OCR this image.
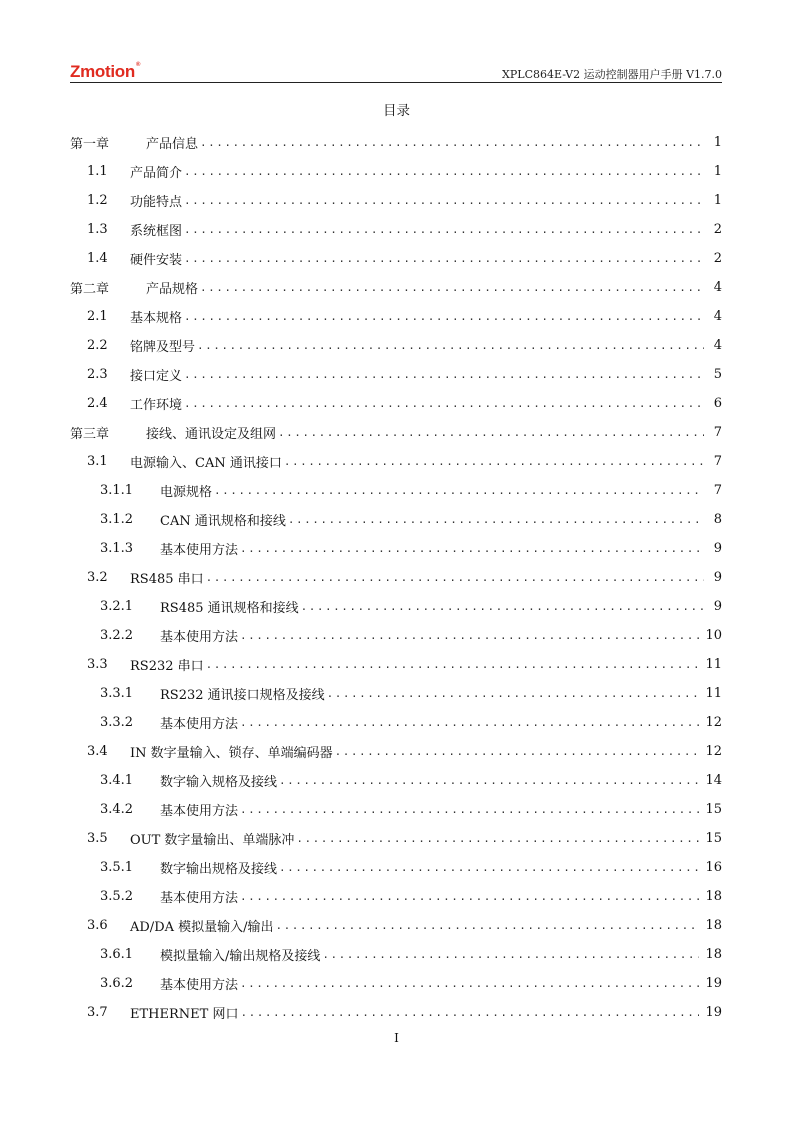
Zmotion®
XPLC864E-V2 运动控制器用户手册 V1.7.0
目录
第一章	产品信息 .....	1
1.1	产品简介 .....	1
1.2	功能特点 .....	1
1.3	系统框图 .....	2
1.4	硬件安装 .....	2
第二章	产品规格 .....	4
2.1	基本规格 .....	4
2.2	铭牌及型号 .....	4
2.3	接口定义 .....	5
2.4	工作环境 .....	6
第三章	接线、通讯设定及组网 .....	7
3.1	电源输入、CAN 通讯接口 .....	7
3.1.1	电源规格 .....	7
3.1.2	CAN 通讯规格和接线 .....	8
3.1.3	基本使用方法 .....	9
3.2	RS485 串口 .....	9
3.2.1	RS485 通讯规格和接线 .....	9
3.2.2	基本使用方法 .....	10
3.3	RS232 串口 .....	11
3.3.1	RS232 通讯接口规格及接线 .....	11
3.3.2	基本使用方法 .....	12
3.4	IN 数字量输入、锁存、单端编码器 .....	12
3.4.1	数字输入规格及接线 .....	14
3.4.2	基本使用方法 .....	15
3.5	OUT 数字量输出、单端脉冲 .....	15
3.5.1	数字输出规格及接线 .....	16
3.5.2	基本使用方法 .....	18
3.6	AD/DA 模拟量输入/输出 .....	18
3.6.1	模拟量输入/输出规格及接线 .....	18
3.6.2	基本使用方法 .....	19
3.7	ETHERNET 网口 .....	19
I
